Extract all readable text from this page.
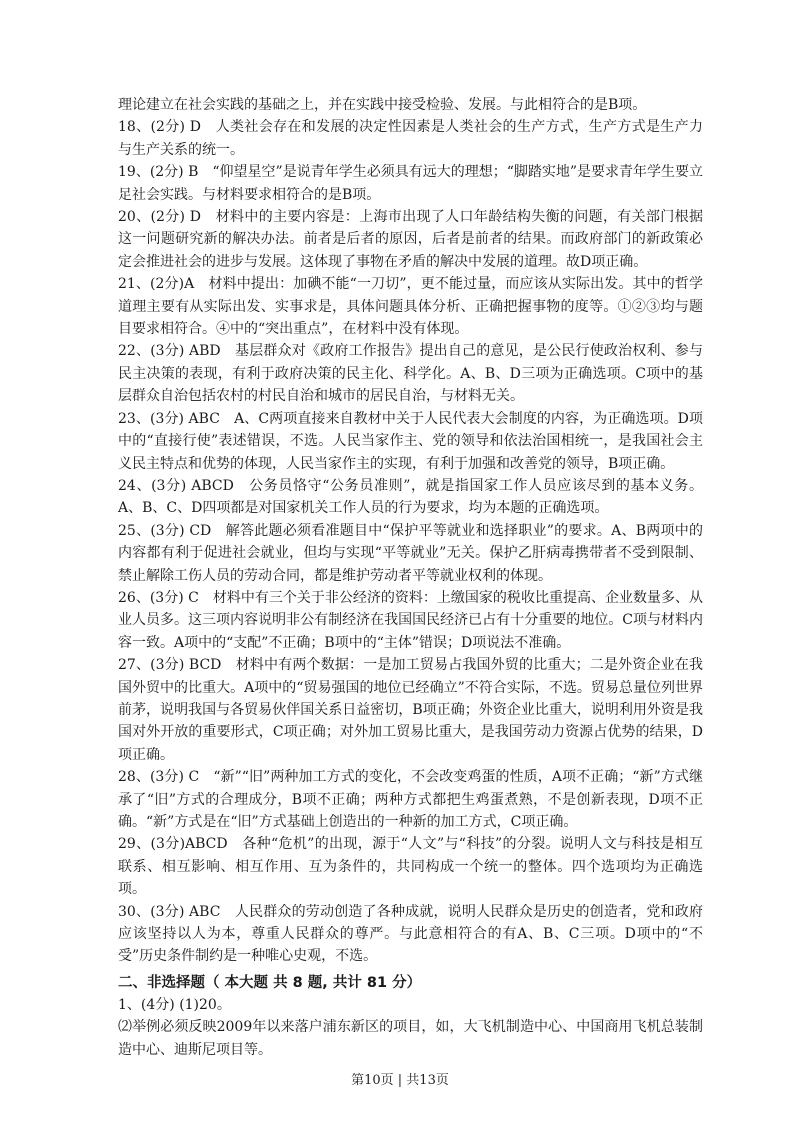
理论建立在社会实践的基础之上，并在实践中接受检验、发展。与此相符合的是B项。

18、(2分) D　人类社会存在和发展的决定性因素是人类社会的生产方式，生产方式是生产力与生产关系的统一。

19、(2分) B　“仰望星空”是说青年学生必须具有远大的理想；“脚踏实地”是要求青年学生要立足社会实践。与材料要求相符合的是B项。

20、(2分) D　材料中的主要内容是：上海市出现了人口年龄结构失衡的问题，有关部门根据这一问题研究新的解决办法。前者是后者的原因，后者是前者的结果。而政府部门的新政策必定会推进社会的进步与发展。这体现了事物在矛盾的解决中发展的道理。故D项正确。

21、(2分)A　材料中提出：加碘不能“一刀切”，更不能过量，而应该从实际出发。其中的哲学道理主要有从实际出发、实事求是，具体问题具体分析、正确把握事物的度等。①②③均与题目要求相符合。④中的“突出重点”，在材料中没有体现。

22、(3分) ABD　基层群众对《政府工作报告》提出自己的意见，是公民行使政治权利、参与民主决策的表现，有利于政府决策的民主化、科学化。A、B、D三项为正确选项。C项中的基层群众自治包括农村的村民自治和城市的居民自治，与材料无关。

23、(3分) ABC　A、C两项直接来自教材中关于人民代表大会制度的内容，为正确选项。D项中的“直接行使”表述错误，不选。人民当家作主、党的领导和依法治国相统一，是我国社会主义民主特点和优势的体现，人民当家作主的实现，有利于加强和改善党的领导，B项正确。

24、(3分) ABCD　公务员恪守“公务员准则”，就是指国家工作人员应该尽到的基本义务。A、B、C、D四项都是对国家机关工作人员的行为要求，均为本题的正确选项。

25、(3分) CD　解答此题必须看准题目中“保护平等就业和选择职业”的要求。A、B两项中的内容都有利于促进社会就业，但均与实现“平等就业”无关。保护乙肝病毒携带者不受到限制、禁止解除工伤人员的劳动合同，都是维护劳动者平等就业权利的体现。

26、(3分) C　材料中有三个关于非公经济的资料：上缴国家的税收比重提高、企业数量多、从业人员多。这三项内容说明非公有制经济在我国国民经济已占有十分重要的地位。C项与材料内容一致。A项中的“支配”不正确；B项中的“主体”错误；D项说法不准确。

27、(3分) BCD　材料中有两个数据：一是加工贸易占我国外贸的比重大；二是外资企业在我国外贸中的比重大。A项中的“贸易强国的地位已经确立”不符合实际，不选。贸易总量位列世界前茅，说明我国与各贸易伙伴国关系日益密切，B项正确；外资企业比重大，说明利用外资是我国对外开放的重要形式，C项正确；对外加工贸易比重大，是我国劳动力资源占优势的结果，D项正确。

28、(3分) C　“新”“旧”两种加工方式的变化，不会改变鸡蛋的性质，A项不正确；“新”方式继承了“旧”方式的合理成分，B项不正确；两种方式都把生鸡蛋煮熟，不是创新表现，D项不正确。“新”方式是在“旧”方式基础上创造出的一种新的加工方式，C项正确。

29、(3分)ABCD　各种“危机”的出现，源于“人文”与“科技”的分裂。说明人文与科技是相互联系、相互影响、相互作用、互为条件的，共同构成一个统一的整体。四个选项均为正确选项。

30、(3分) ABC　人民群众的劳动创造了各种成就，说明人民群众是历史的创造者，党和政府应该坚持以人为本，尊重人民群众的尊严。与此意相符合的有A、B、C三项。D项中的“不受”历史条件制约是一种唯心史观，不选。

二、非选择题（ 本大题 共 8 题, 共计 81 分）

1、(4分) (1)20。

⑵举例必须反映2009年以来落户浦东新区的项目，如，大飞机制造中心、中国商用飞机总装制造中心、迪斯尼项目等。

第10页 | 共13页
